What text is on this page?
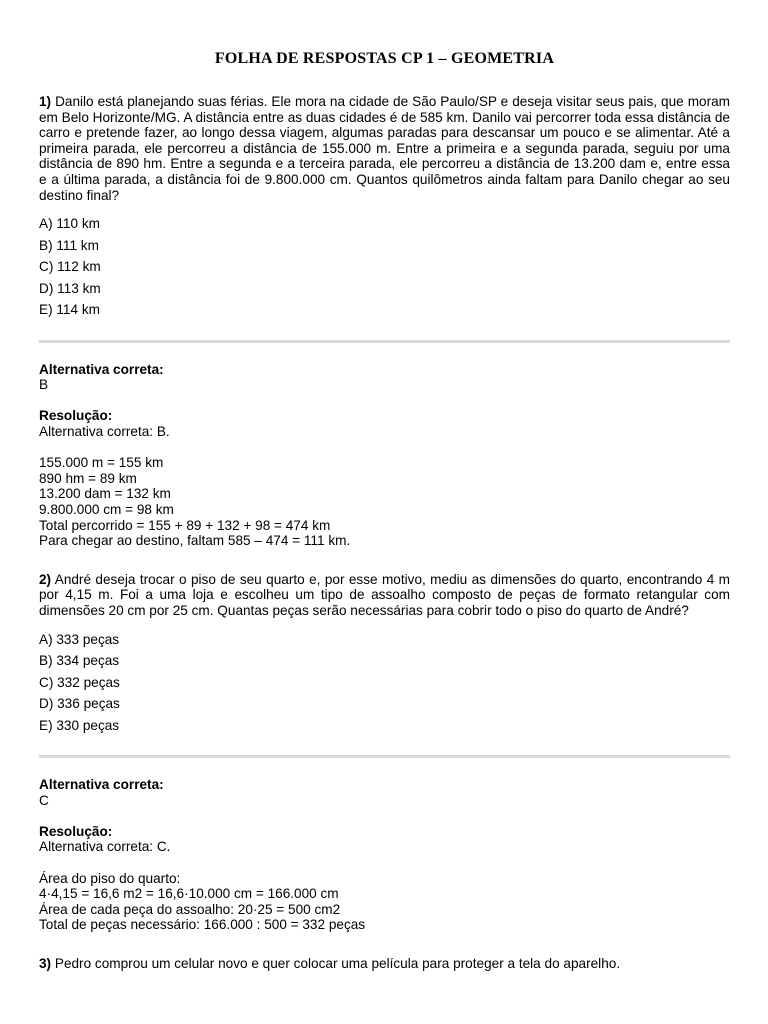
FOLHA DE RESPOSTAS CP 1 – GEOMETRIA

1) Danilo está planejando suas férias. Ele mora na cidade de São Paulo/SP e deseja visitar seus pais, que moram em Belo Horizonte/MG. A distância entre as duas cidades é de 585 km. Danilo vai percorrer toda essa distância de carro e pretende fazer, ao longo dessa viagem, algumas paradas para descansar um pouco e se alimentar. Até a primeira parada, ele percorreu a distância de 155.000 m. Entre a primeira e a segunda parada, seguiu por uma distância de 890 hm. Entre a segunda e a terceira parada, ele percorreu a distância de 13.200 dam e, entre essa e a última parada, a distância foi de 9.800.000 cm. Quantos quilômetros ainda faltam para Danilo chegar ao seu destino final?

A) 110 km
B) 111 km
C) 112 km
D) 113 km
E) 114 km

Alternativa correta:

B

Resolução:

Alternativa correta: B.

155.000 m = 155 km

890 hm = 89 km

13.200 dam = 132 km

9.800.000 cm = 98 km

Total percorrido = 155 + 89 + 132 + 98 = 474 km

Para chegar ao destino, faltam 585 – 474 = 111 km.

2) André deseja trocar o piso de seu quarto e, por esse motivo, mediu as dimensões do quarto, encontrando 4 m por 4,15 m. Foi a uma loja e escolheu um tipo de assoalho composto de peças de formato retangular com dimensões 20 cm por 25 cm. Quantas peças serão necessárias para cobrir todo o piso do quarto de André?

A) 333 peças
B) 334 peças
C) 332 peças
D) 336 peças
E) 330 peças

Alternativa correta:

C

Resolução:

Alternativa correta: C.

Área do piso do quarto:

4·4,15 = 16,6 m2 = 16,6·10.000 cm = 166.000 cm

Área de cada peça do assoalho: 20·25 = 500 cm2

Total de peças necessário: 166.000 : 500 = 332 peças

3) Pedro comprou um celular novo e quer colocar uma película para proteger a tela do aparelho.
